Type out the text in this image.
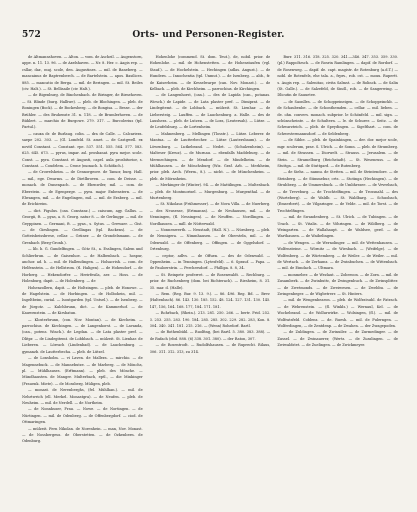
572	Orts- und Personen-Register.

de Altmannshoven. — Alton. — vom. de Ascheil. — Augenstorn, appe. n. 11. 13. 96. — de Axelshaven. — Nr. 8. Her. c. Aagis rep. — csllar, dar., muj. scole, den. Augustines. — mil. de Baneberg. — mancainus de Baptrenberch. — de Bartelstein. — apos. Basilices. 885. — mancatio de Berga. — mil. de Beringen. — mil. St. Beiles (civ. Halt.). — St. Bellisaile (civ. Halt.).

— de Bigenburg. de Binchenbach. de Biringer, de Birnehoven. — St. Blinde (burg. Halliwe). — pleb. de Blochingen. — pleb. de Boningen (Bock). — de Bockesberg. — de Bongisa. — Besse. — der Brühler. — des Bruhenste 31. n. 118. — de Brumlerhoven. — de Bühlert. — marchio de Burgowe. 279. 317. — Burcolerius (tpl. Partul.).

— cauxa dr. de Burlaug. colin. — dra de Calle. — Calcariera. saepe 202. 303. — (Gl. Lomfeld. St. amet. — de Castgwell. ex novitl Constant. — Constant. rpe. 537. 551. 555. 564. 577. 583. 625. 645. 673. — pyrus, impar. asl. prosbanat. pyra mejor. scole. Const. — pyra. Constant. et Augusti, capel. aula prosbitorior, s. Constant. — Coudrlem. — Crone (monach. h. Schöfach.).

— de Crowelsheim. — de Cennorgeore. de Tamor, burg. Hall. — mil., ege. Dwarms. — de Dietlbroven. — com. de Deisse. — monach. de Dunenpach. — de Ebenwiler, mil. — com. de Eberstein. — de Egenperge. — pyra. major Enbenstern. — de Elwangen, mil. — de Engelingen, mil. — mil. de Eraberg. — mil. de Erichireim.

— dict. Figulus. (can. Constanz.) — caiscum, agy. Gallus. — Georgii, ft. — pyas, a. 8. Georg. natur 8. — de Gerlingpr. — mil. de Geyppinen. — Germani, ft. — pyas., s. Sytus. — Grewaer. — Gist. — de Gieslingen. — Geellingas (tpl. Backens). — de Gotteisbeissbrese, cellar. — Grüner. — de Grondelsmann. — de Grenbach (Berg-Gronb.).

— lib. b. G. Gundelfingen. — Götz St., a. Esslingen, Salem und Schlierbrun. — de Gaisenhoe. — de Halbenbach. — hospur, anchor. ad. h. — mil. de Hallendingen. — Holsacrish. — com. de Helfenstein. — de Hellstrom. (tl. Haligen). — de Hohendorf. — de Horberg. — Hekendorfer. — Herirfesila, aer. — Hoss. — de Holenburg, dapit. — de Holenberg. — de

Hohenzollern, dapit. — de Holtzingen. — pleb. de Honowe. — de Hagelstein. — de Horbingen. — de Holbohein, mil. — Ingeltbeim, curial. — Isoutgarden (tpl. Untsel.). — de Isenberg. — de Jürgotz. — Kalchbrunn, dict. — de Kammerhof. — de Kauwenstein. — de Kirsbatun.

— Klosterbrunn, (con. Nov. Montan). — de Kircheim. — parrochius. de Kirchingen. — de Langenhorst. — de Lavanda, (can., potens. Winch.). de Legdan. — de Lata plaster pref. — Dlitpr. — de Lindegitemt. de Lobbbach. — mülzeit. St. Lienhar. de Lieberen. — Lörrach (Lindenbad). — de Lauchenburg. — gymanzb. de Lautterbecha. — pleb. de Lützel.

— de Lonsholm. — vi Laven. de Mallera. — mirchio. — de Magennebuck. — de Mannebutze. — de Marberg. — de Mönchs, pl. — Mühlhauses. (Erftmann). — pleb. des Mönche. — Mündhausten. de Manger. Multerbach, eptl., — die Minkinger (Frauenk. Miete). — de Mossberg. Müligen, pleb.

— monast. de Nerenberghs, (fel. Mühlhan.). — mil. de Nehrtwrich (ell. Merkel. Monastgra). — de Neufen. — pleb. de Neuheim. — mil. de Nerdell. — de Northeim.

— de Nonnhuser, Frau. — Nowe. — de Nortingen. — de Nürtingen. — mil. de Odenberg. — de Offenbergdorf. — ciod. de Ottmaringen.

— mülzeit. Fern Nikolan. de Norenhein. — man, Nov. Monast. — de Nossbergeus. de Oberstetten. — de Ozkenbern. de Odenburg.

Hohenlohe (commend. St. dom. Teut.), de, nobil. prior. de Hohenlohe. — mil. de Hohenstetten. — de Hohenstaufen (vgl. Stauf.). — de Hochelstein. — Hechingen (adlas. Angust.). — de Hundern. — Innochentia (tpl. Unmut.). — de Isenberg. — abb., fr. de Kaiserheim. — de Kesselwarpe (can. Nov. Monast.). — de Kelbach. — pleb. de Kirchheim. — parrochius. de Kirchingen.

— de Langenhorst, (can.). — des de Lapida (can., potanas. Wirsch.) de Lapide. — de Lata plaster pref. — Dimiprat. — de Lindegitemt. — de Lobbach. — mülzeit. St. Lienhar. — de Liebersteig. — Lauffen. — de Lauchenburg. a. Halle. — des de Laushera. — pleb. de Lutzen. — de Lora, (Leutersah). — Lütze. — de Leufelsburg. — de Lortenheim.

— Mahnenberg. — Mellingen (Tlosstr.). — Lütze. Leberer. de Mantua. — de Lautterbecher. — Lütze (Lautersbaum). — de Löwenburg. — Lutkebrand. — Nedet. — (Schulzenheim). — Malteser (Kreuz). — de Murnau. — ebenfalls Maddeburg. — de Mermechingen. — de Mendorf. — de Mindelheim. — de Mühlhausen. — de Mönchsburg (Wiz. Graf. Arb. — Merkheim, prior. pleb. Arch. (Werm., 8.). — nicht. — de Münchenheim. — pleb. de Mörnsheim.

— Merkinger de (Winter). 94. — de Mattilingen. — Multesbach. — pleb. de Montmorisel. — Murgenburg. — Murgenthal. — de Murtenberg.

— St. Nikolaus (Frühmesser). — de Nova Villa. — de Nuerberg. — des Neusesse, (Ertmanns). — de Neuhausen, mil. — de Nenningen, (fl. Nessingen). — de Neuffen. — Nordlingen. — Nordhausen. — mill. de Nütterwald.

— Nonnenwerth. — Neustadt, (Hall. N.). — Nürnberg. — pleb. de Nennigera. — Nimmhausen. — de Obersteln, mil. — de Odenwald. — de Offenberg. — Offingen. — de Oggelsdorf. — Ortenburg.

— ceptor, adlvs. — de Offuen. — des de Odenwald. — Oppenheim. — in Tenningen. (Lytesfeld). — 6. Sprauf. — Papa. — de Pauloerstrin. — Perchersdorf. — Phillipa. 8. 8, 34.

— St. Reinpetr. proferret. — de Rosenwaldt. — Rechburg. — prior. de Ruchenberg (dom. bei Richterach). — Riesheim, 8. 31. 35. mar. d. (Halle).

— Rem. (Reg. Bur. 9. 13. 9.). — 86. 496. Reg. Bd. — Brev. (Haltenbach). 86. 143. 130. 185. 152. 48. 124. 127. 131. 130. 145. 147, 156, 164. 168. 177, 184. 171. 181.

— Rohrbach, (Rhein.). 213. 281. 250. 266. — bertr. Frid. 252. 3. 253. 255. 283. 190. 184. 285. 285. 302. 229. 282. 283, Kon. 8. 304. 340. 341. 181. 215. 216. — (Wenn) Rohrdorf. Bartl.

— de Rothenbühl. — Ruolfing, (bei Bartl. 5. 380. 383. 388). — de Rufach (ebd. 888. (6) 338. 301. 380). — der Raton, 307.

— de Rosentrodt. — Rudolfshausen. — de Ruprecht. Rilaus, 306. 311. 312. 313, zu 314.

Burr. 311. 316. 318. 325. 320. 341.—346. 347. 353. 359. 330. (pl.) Rappoltzsch. — de Rosrin Ramlingen. — dapif. de Rordorf. — de Rosenweg. — dapif. de. capt. magistr. de Rotenburg (a.d.T.) — nobl. de Rotenfels, ehe tala. a., frprs., rob. cst. — mouu. Rupertt. s. Augis rep. — Salenitao, civita Salmst. — de Rolinck. — de Salin (St. Galle.). — de Salzefeld, de Sindl., rob. — de Sangerwing. — Dlicutin de Sauuetee.

— de Saonlles. — de Schoppeineigen. — de Schoppeinckb. — de Schaubenbe. — de Schonthemden. — cellar. — mil. lieben. — de. ohn. convers. monach. subprior. le Schönfeld. — mil. sign. — schünscheinte. — de Schultern. — le. de Schurer. — Seitz. — de Schwarzteich. — pleb. de Speydingen. — Sigelthart. — com. de Schwestermannsdorf. — de Seldenberg.

— de Sibbe. — pleb. de Spainhingen, — der. dor. mejor scole, mgr. sculerum, prae. S. Ulrich. — de Somn. — pleb. de Strumberg. — mil. de Strassen. — Diorwelt. — Strauss. — Jerusalem. — de Stein. — Stramelburg (Reichstadt). — St. Wesenruss. — de Stuttga. — mil. de Stuttgard. — de Rutenberg.

— de Siehs. — nannu. de Stetten. — mil. de Strintendore. — de Steinberg. — de Stimmebur, crts. — Stotinga (Hechingen). — de Strubberg. — de Ummersbuck. — de Umbhrssee. — de Vevrebach, — de Treveburg. — de Trochtelfingen. — de Trossnahl. — des (Wurteberg). — de Waldb. — St. Waldbarg. — Schuobach, (Emserbert). — de Vilgaringer. — de Velde. — mil. de Torst. — de Trochtelfingen.

— mil. de Swandenberg. — St. Ulrich. — de Tubingen. — de Urach. — St. Vitalis. — de Vöhringen. — de Wildberg. — de Weingarten. — de Wallahaupt. — de Waldsee, gerd. — de Warthausen. — de Waibelingen.

— de Wengen. — de Wernolinger. — mil. de Wettenhausen. — Wolfensteine. — Wörnitz — de Wiesbach. — (Weifelge). — de Wolfenberg. — de Würtemberg. — de Weiler. — de Weiler. — mil. de Wertach. — de Zerhamz. — de Zwinbuchen. — de Wittenbach. — mil. de Eimdach. — Ultmara.

— monmeber. — de Wezlaut. — Zoberoon. — de Zorn. — mil. de Zusamberk. — de Zwinbuttc, de Zwingenbuch. — de Zwinsplitter. — de Zwetmonds. — de Zweiwesen. — de Zwebbu. — de Zwingenbeger. — de Wigbetrerr. — St. Hinters.

— mil. de Wengenbearon. — pleb. de Wolfratsuhl. de Fatrach. — de Wehrenstein. — (fl. Winkls.) — Wernaul, Kel. — de Wochebrand. — de Wollurwirke. — Wolsingen, (fl.). — mil. de Wolfratsfeld. Coblenz. — de. Ruesh. — mil. de Fulerngen. — Wolferdingen, — de Zentdenp. — de Zwahen. — der Zwagepoden.

— de Zuldingen. — de Zwinuiler. — de Zurmedinger. — de Zussel. — de Zwinauerer, (Wertz. — de Zusslingen. — de Zwiwaldstet. — de Zuelingen. — de Zwickmeyer.
